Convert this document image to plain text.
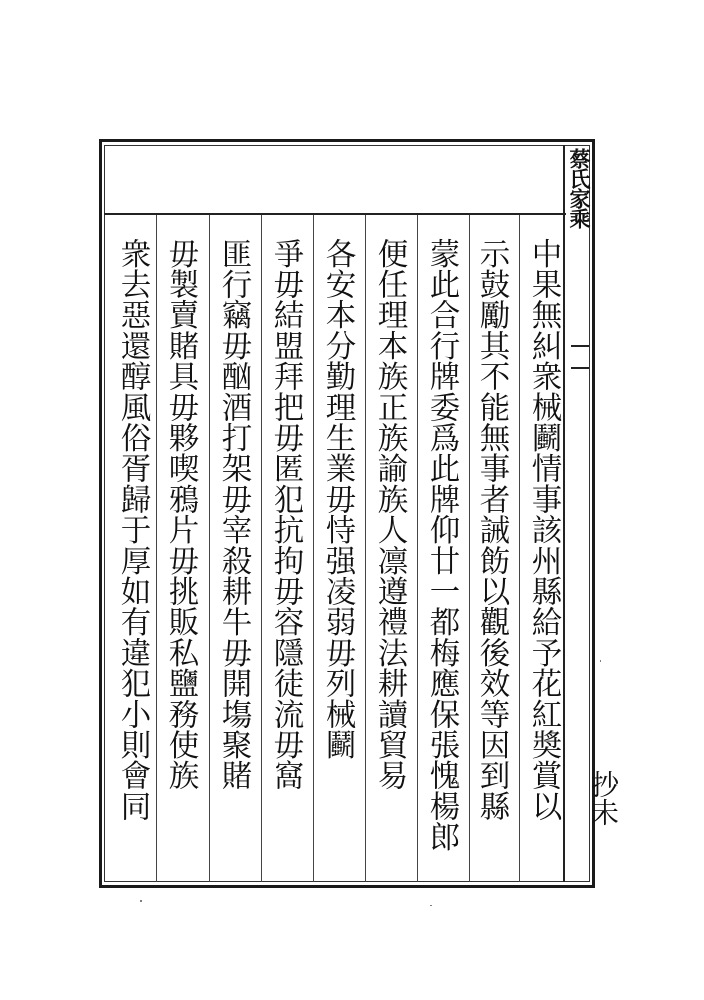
蔡氏家乘
抄未
中果無糾衆械鬬情事該州縣給予花紅奬賞以
示鼓勵其不能無事者誡飭以觀後效等因到縣
蒙此合行牌委爲此牌仰廿一都梅應保張愧楊郎
便任理本族正族諭族人凛遵禮法耕讀貿易
各安本分勤理生業毋恃强凌弱毋列械鬬
爭毋結盟拜把毋匿犯抗拘毋容隱徒流毋窩
匪行竊毋酗酒打架毋宰殺耕牛毋開塲聚賭
毋製賣賭具毋夥喫鴉片毋挑販私鹽務使族
衆去惡還醇風俗胥歸于厚如有違犯小則會同
